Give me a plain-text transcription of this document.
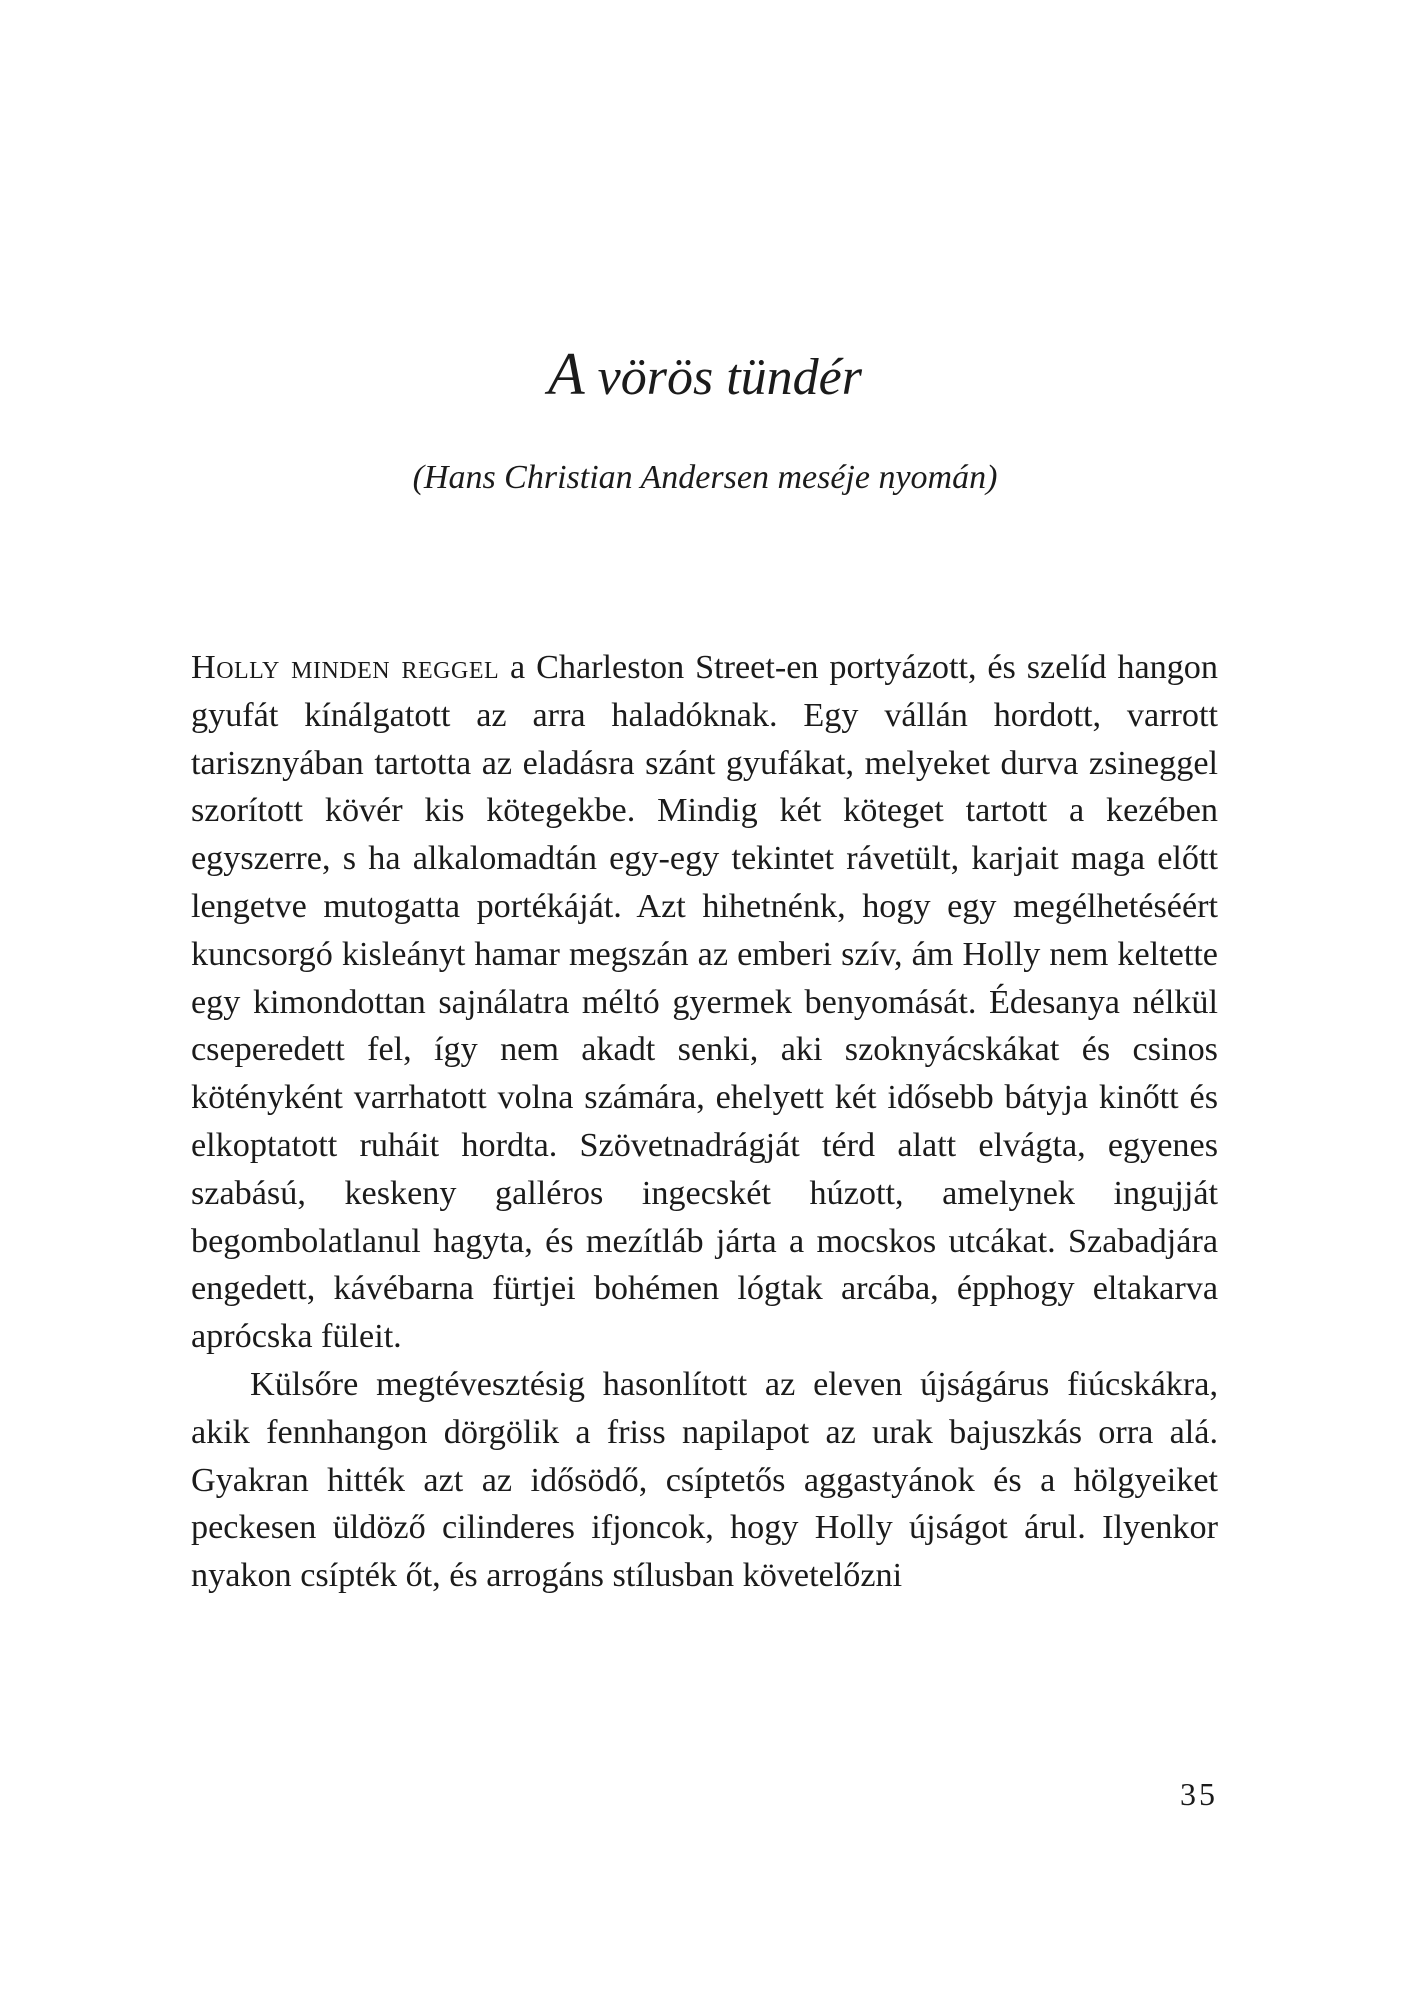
A vörös tündér
(Hans Christian Andersen meséje nyomán)

Holly minden reggel a Charleston Street-en portyázott, és szelíd hangon gyufát kínálgatott az arra haladóknak. Egy vállán hordott, varrott tarisznyában tartotta az eladásra szánt gyufákat, melyeket durva zsineggel szorított kövér kis kötegekbe. Mindig két köteget tartott a kezében egyszerre, s ha alkalomadtán egy-egy tekintet rávetült, karjait maga előtt lengetve mutogatta portékáját. Azt hihetnénk, hogy egy megélhetéséért kuncsorgó kisleányt hamar megszán az emberi szív, ám Holly nem keltette egy kimondottan sajnálatra méltó gyermek benyomását. Édesanya nélkül cseperedett fel, így nem akadt senki, aki szoknyácskákat és csinos kötényként varrhatott volna számára, ehelyett két idősebb bátyja kinőtt és elkoptatott ruháit hordta. Szövetnadrágját térd alatt elvágta, egyenes szabású, keskeny galléros ingecskét húzott, amelynek ingujját begombolatlanul hagyta, és mezítláb járta a mocskos utcákat. Szabadjára engedett, kávébarna fürtjei bohémen lógtak arcába, épphogy eltakarva aprócska füleit.

Külsőre megtévesztésig hasonlított az eleven újságárus fiúcskákra, akik fennhangon dörgölik a friss napilapot az urak bajuszkás orra alá. Gyakran hitték azt az idősödő, csíptetős aggastyánok és a hölgyeiket peckesen üldöző cilinderes ifjoncok, hogy Holly újságot árul. Ilyenkor nyakon csípték őt, és arrogáns stílusban követelőzni

35
